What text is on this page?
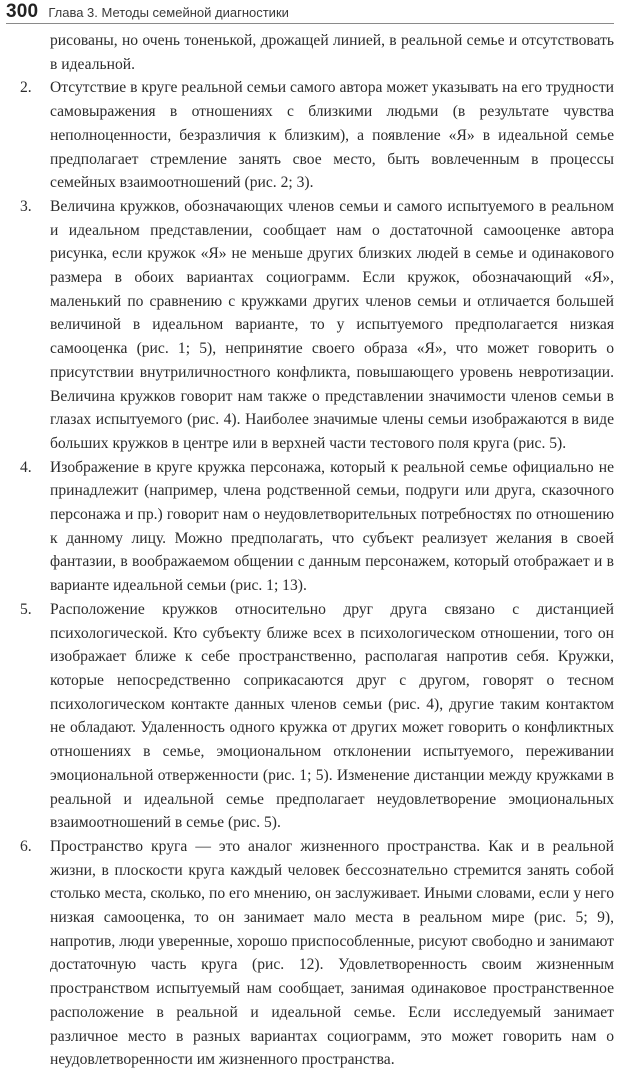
300 Глава 3. Методы семейной диагностики

рисованы, но очень тоненькой, дрожащей линией, в реальной семье и отсутствовать в идеальной.

2.	Отсутствие в круге реальной семьи самого автора может указывать на его трудности самовыражения в отношениях с близкими людьми (в результате чувства неполноценности, безразличия к близким), а появление «Я» в идеальной семье предполагает стремление занять свое место, быть вовлеченным в процессы семейных взаимоотношений (рис. 2; 3).

3.	Величина кружков, обозначающих членов семьи и самого испытуемого в реальном и идеальном представлении, сообщает нам о достаточной самооценке автора рисунка, если кружок «Я» не меньше других близких людей в семье и одинакового размера в обоих вариантах социограмм. Если кружок, обозначающий «Я», маленький по сравнению с кружками других членов семьи и отличается большей величиной в идеальном варианте, то у испытуемого предполагается низкая самооценка (рис. 1; 5), непринятие своего образа «Я», что может говорить о присутствии внутриличностного конфликта, повышающего уровень невротизации. Величина кружков говорит нам также о представлении значимости членов семьи в глазах испытуемого (рис. 4). Наиболее значимые члены семьи изображаются в виде больших кружков в центре или в верхней части тестового поля круга (рис. 5).

4.	Изображение в круге кружка персонажа, который к реальной семье официально не принадлежит (например, члена родственной семьи, подруги или друга, сказочного персонажа и пр.) говорит нам о неудовлетворительных потребностях по отношению к данному лицу. Можно предполагать, что субъект реализует желания в своей фантазии, в воображаемом общении с данным персонажем, который отображает и в варианте идеальной семьи (рис. 1; 13).

5.	Расположение кружков относительно друг друга связано с дистанцией психологической. Кто субъекту ближе всех в психологическом отношении, того он изображает ближе к себе пространственно, располагая напротив себя. Кружки, которые непосредственно соприкасаются друг с другом, говорят о тесном психологическом контакте данных членов семьи (рис. 4), другие таким контактом не обладают. Удаленность одного кружка от других может говорить о конфликтных отношениях в семье, эмоциональном отклонении испытуемого, переживании эмоциональной отверженности (рис. 1; 5). Изменение дистанции между кружками в реальной и идеальной семье предполагает неудовлетворение эмоциональных взаимоотношений в семье (рис. 5).

6.	Пространство круга — это аналог жизненного пространства. Как и в реальной жизни, в плоскости круга каждый человек бессознательно стремится занять собой столько места, сколько, по его мнению, он заслуживает. Иными словами, если у него низкая самооценка, то он занимает мало места в реальном мире (рис. 5; 9), напротив, люди уверенные, хорошо приспособленные, рисуют свободно и занимают достаточную часть круга (рис. 12). Удовлетворенность своим жизненным пространством испытуемый нам сообщает, занимая одинаковое пространственное расположение в реальной и идеальной семье. Если исследуемый занимает различное место в разных вариантах социограмм, это может говорить нам о неудовлетворенности им жизненного пространства.
